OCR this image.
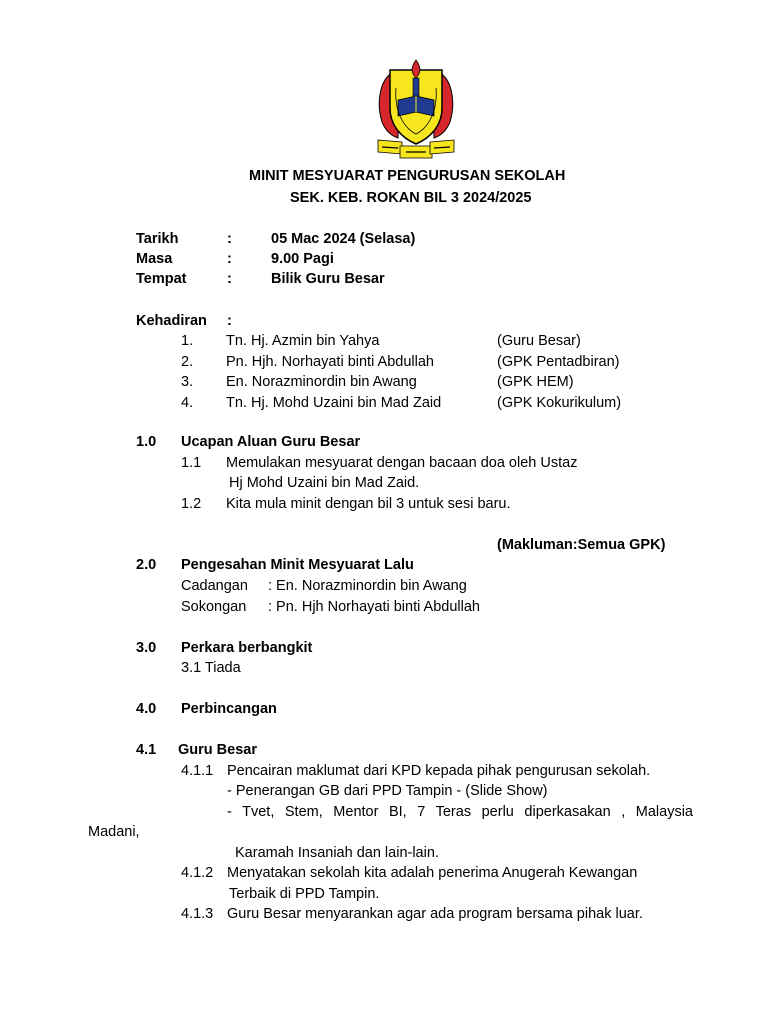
MINIT MESYUARAT PENGURUSAN SEKOLAH
SEK. KEB. ROKAN BIL 3 2024/2025
Tarikh	:	05 Mac 2024 (Selasa)
Masa	:	9.00 Pagi
Tempat	:	Bilik Guru Besar
Kehadiran :
1. Tn. Hj. Azmin bin Yahya	(Guru Besar)
2. Pn. Hjh. Norhayati binti Abdullah	(GPK Pentadbiran)
3. En. Norazminordin bin Awang	(GPK HEM)
4. Tn. Hj. Mohd Uzaini bin Mad Zaid	(GPK Kokurikulum)
1.0 Ucapan Aluan Guru Besar
1.1 Memulakan mesyuarat dengan bacaan doa oleh Ustaz
Hj Mohd Uzaini bin Mad Zaid.
1.2 Kita mula minit dengan bil 3 untuk sesi baru.
(Makluman:Semua GPK)
2.0 Pengesahan Minit Mesyuarat Lalu
Cadangan : En. Norazminordin bin Awang
Sokongan : Pn. Hjh Norhayati binti Abdullah
3.0 Perkara berbangkit
3.1 Tiada
4.0 Perbincangan
4.1 Guru Besar
4.1.1 Pencairan maklumat dari KPD kepada pihak pengurusan sekolah.
- Penerangan GB dari PPD Tampin - (Slide Show)
- Tvet, Stem, Mentor BI, 7 Teras perlu diperkasakan , Malaysia
Madani,
Karamah Insaniah dan lain-lain.
4.1.2 Menyatakan sekolah kita adalah penerima Anugerah Kewangan
Terbaik di PPD Tampin.
4.1.3 Guru Besar menyarankan agar ada program bersama pihak luar.
